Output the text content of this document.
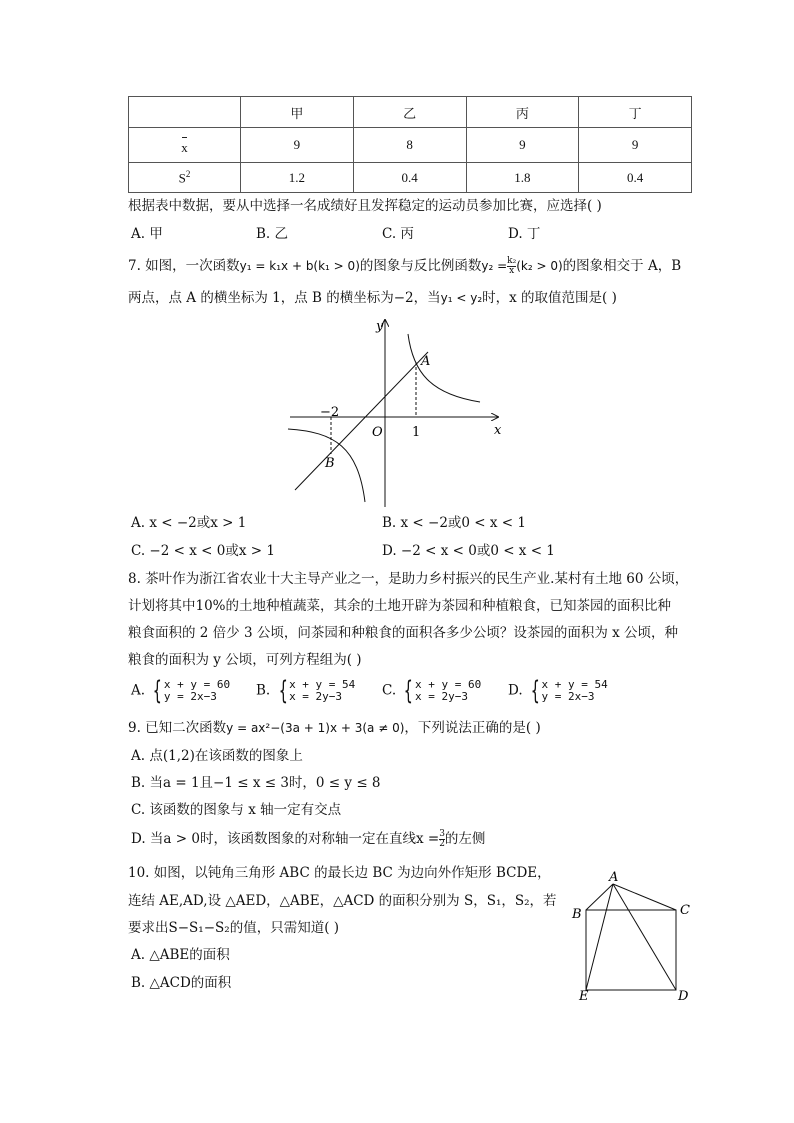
	甲	乙	丙	丁
x	9	8	9	9
$S^2$	1.2	0.4	1.8	0.4
根据表中数据，要从中选择一名成绩好且发挥稳定的运动员参加比赛，应选择( )
A. 甲	B. 乙	C. 丙	D. 丁
7. 如图，一次函数y₁ = k₁x + b(k₁ > 0)的图象与反比例函数$y_2 = \frac{\text{k₂}}{x} (k_2 > 0)$的图象相交于 A，B
两点，点 A 的横坐标为 1，点 B 的横坐标为−2，当y₁ < y₂时，x 的取值范围是( )
y
x
O
A
B
−2
1
A. x < −2或x > 1	B. x < −2或0 < x < 1
C. −2 < x < 0或x > 1	D. −2 < x < 0或0 < x < 1
8. 茶叶作为浙江省农业十大主导产业之一，是助力乡村振兴的民生产业.某村有土地 60 公顷，
计划将其中10%的土地种植蔬菜，其余的土地开辟为茶园和种植粮食，已知茶园的面积比种
粮食面积的 2 倍少 3 公顷，问茶园和种粮食的面积各多少公顷？设茶园的面积为 x 公顷，种
粮食的面积为 y 公顷，可列方程组为( )
A. { x + y = 60
y = 2x−3	B. { x + y = 54
x = 2y−3	C. { x + y = 60
x = 2y−3	D. { x + y = 54
y = 2x−3
9. 已知二次函数y = ax²−(3a + 1)x + 3(a ≠ 0)，下列说法正确的是( )
A. 点(1,2)在该函数的图象上
B. 当a = 1且−1 ≤ x ≤ 3时，0 ≤ y ≤ 8
C. 该函数的图象与 x 轴一定有交点
D. 当a > 0时，该函数图象的对称轴一定在直线$x = \frac{3}{2}$ 的左侧
10. 如图，以钝角三角形 ABC 的最长边 BC 为边向外作矩形 BCDE，
连结 AE,AD,设 △AED，△ABE，△ACD 的面积分别为 S，S₁，S₂，若
要求出S−S₁−S₂的值，只需知道( )
A. △ABE的面积
B. △ACD的面积
A
B	C
D
E
